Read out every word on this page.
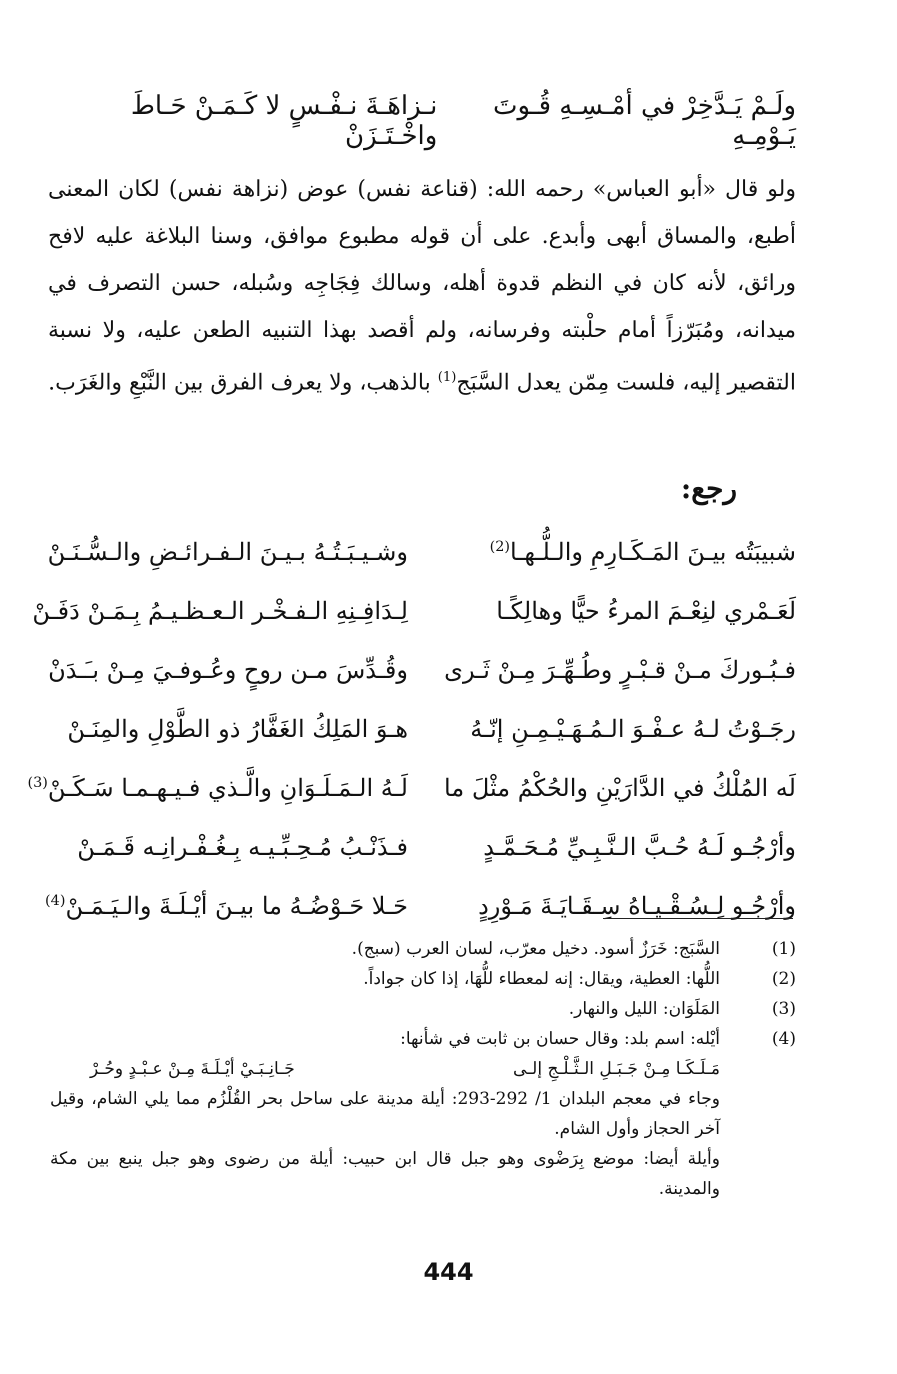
ولَـمْ يَـدَّخِرْ في أمْـسِـهِ قُـوتَ يَـوْمِـهِ
نـزاهَـةَ نـفْـسٍ لا كَـمَـنْ حَـاطَ واخْـتَـزَنْ
ولو قال «أبو العباس» رحمه الله: (قناعة نفس) عوض (نزاهة نفس) لكان المعنى أطبع، والمساق أبهى وأبدع. على أن قوله مطبوع موافق، وسنا البلاغة عليه لافح ورائق، لأنه كان في النظم قدوة أهله، وسالك فِجَاجِه وسُبله، حسن التصرف في ميدانه، ومُبَرّزاً أمام حلْبته وفرسانه، ولم أقصد بهذا التنبيه الطعن عليه، ولا نسبة التقصير إليه، فلست مِمّن يعدل السَّبَج$^{(1)}$ بالذهب، ولا يعرف الفرق بين النَّبْعِ والغَرَب.
رجع:
شبيبَتُه بيـنَ المَـكَـارِمِ والـلُّـهـا$^{(2)}$
وشـيـبَـتُـهُ بـيـنَ الـفـرائـضِ والـسُّـنَـنْ
لَعَـمْري لنِعْـمَ المرءُ حيًّا وهالِكًـا
لِـدَافِـنِهِ الـفـخْـر الـعـظـيـمُ بِـمَـنْ دَفَـنْ
فـبُـوركَ مـنْ قـبْـرٍ وطُـهِّـرَ مِـنْ ثَـرى
وقُـدِّسَ مـن روحٍ وعُـوفـيَ مِـنْ بـَـدَنْ
رجَـوْتُ لـهُ عـفْـوَ الـمُـهَـيْـمِـنِ إنّـهُ
هـوَ المَلِكُ الغَفَّارُ ذو الطَّوْلِ والمِنَـنْ
لَه المُلْكُ في الدَّارَيْنِ والحُكْمُ مثْلَ ما
لَـهُ الـمَـلَـوَانِ والَّـذي فـيـهـمـا سَـكَـنْ$^{(3)}$
وأرْجُـو لَـهُ حُـبَّ الـنَّـبِـيِّ مُـحَـمَّـدٍ
فـذَنْـبُ مُـحِـبِّـيـه بِـغُـفْـرانِـه قَـمَـنْ
وأرْجُـو لِـسُـقْـيـاهُ سِـقَـايَـةَ مَـوْرِدٍ
حَـلا حَـوْضُـهُ ما بيـنَ أيْـلَـةَ والـيَـمَـنْ$^{(4)}$
(1)
السَّبَج: خَرَزٌ أسود. دخيل معرّب، لسان العرب (سبج).
(2)
اللُّها: العطية، ويقال: إنه لمعطاء للُّهَا، إذا كان جواداً.
(3)
المَلَوَان: الليل والنهار.
(4)
أيْله: اسم بلد: وقال حسان بن ثابت في شأنها:
مَـلَـكَـا مِـنْ جَـبَـلِ الـثَّـلْـجِ إلـى
جَـانِـبَـيْ أيْـلَـةَ مِـنْ عـبْـدٍ وحُـرْ
وجاء في معجم البلدان 1/ 292-293: أيلة مدينة على ساحل بحر القُلْزُم مما يلي الشام، وقيل آخر الحجاز وأول الشام.
وأيلة أيضا: موضع بِرَضْوى وهو جبل قال ابن حبيب: أيلة من رضوى وهو جبل ينبع بين مكة والمدينة.
444
